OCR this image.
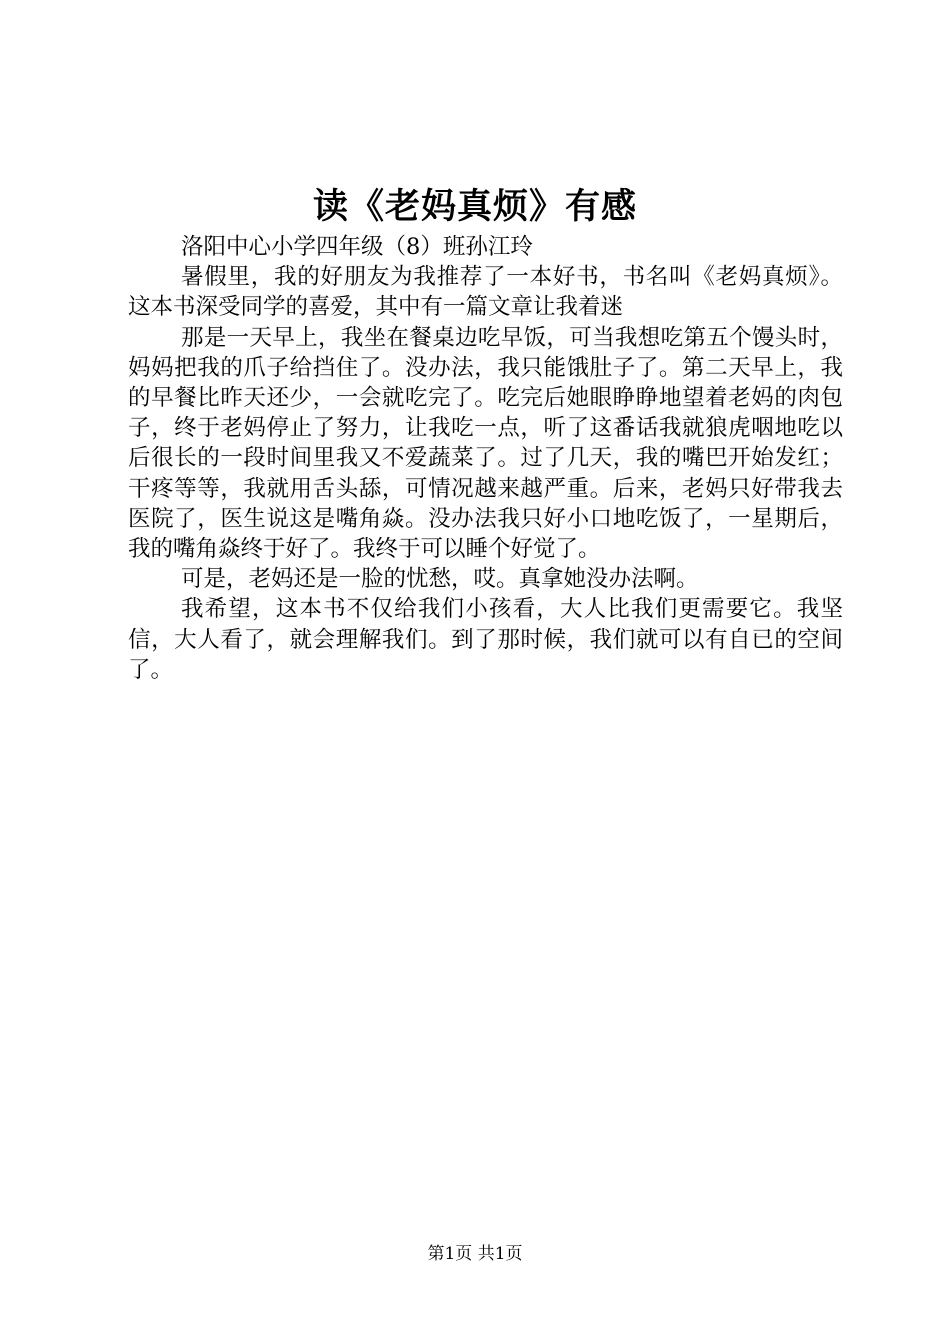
读《老妈真烦》有感

洛阳中心小学四年级（8）班孙江玲

暑假里，我的好朋友为我推荐了一本好书，书名叫《老妈真烦》。这本书深受同学的喜爱，其中有一篇文章让我着迷

那是一天早上，我坐在餐桌边吃早饭，可当我想吃第五个馒头时，妈妈把我的爪子给挡住了。没办法，我只能饿肚子了。第二天早上，我的早餐比昨天还少，一会就吃完了。吃完后她眼睁睁地望着老妈的肉包子，终于老妈停止了努力，让我吃一点，听了这番话我就狼虎咽地吃以后很长的一段时间里我又不爱蔬菜了。过了几天，我的嘴巴开始发红；干疼等等，我就用舌头舔，可情况越来越严重。后来，老妈只好带我去医院了，医生说这是嘴角焱。没办法我只好小口地吃饭了，一星期后，我的嘴角焱终于好了。我终于可以睡个好觉了。

可是，老妈还是一脸的忧愁，哎。真拿她没办法啊。

我希望，这本书不仅给我们小孩看，大人比我们更需要它。我坚信，大人看了，就会理解我们。到了那时候，我们就可以有自已的空间了。

第1页 共1页
